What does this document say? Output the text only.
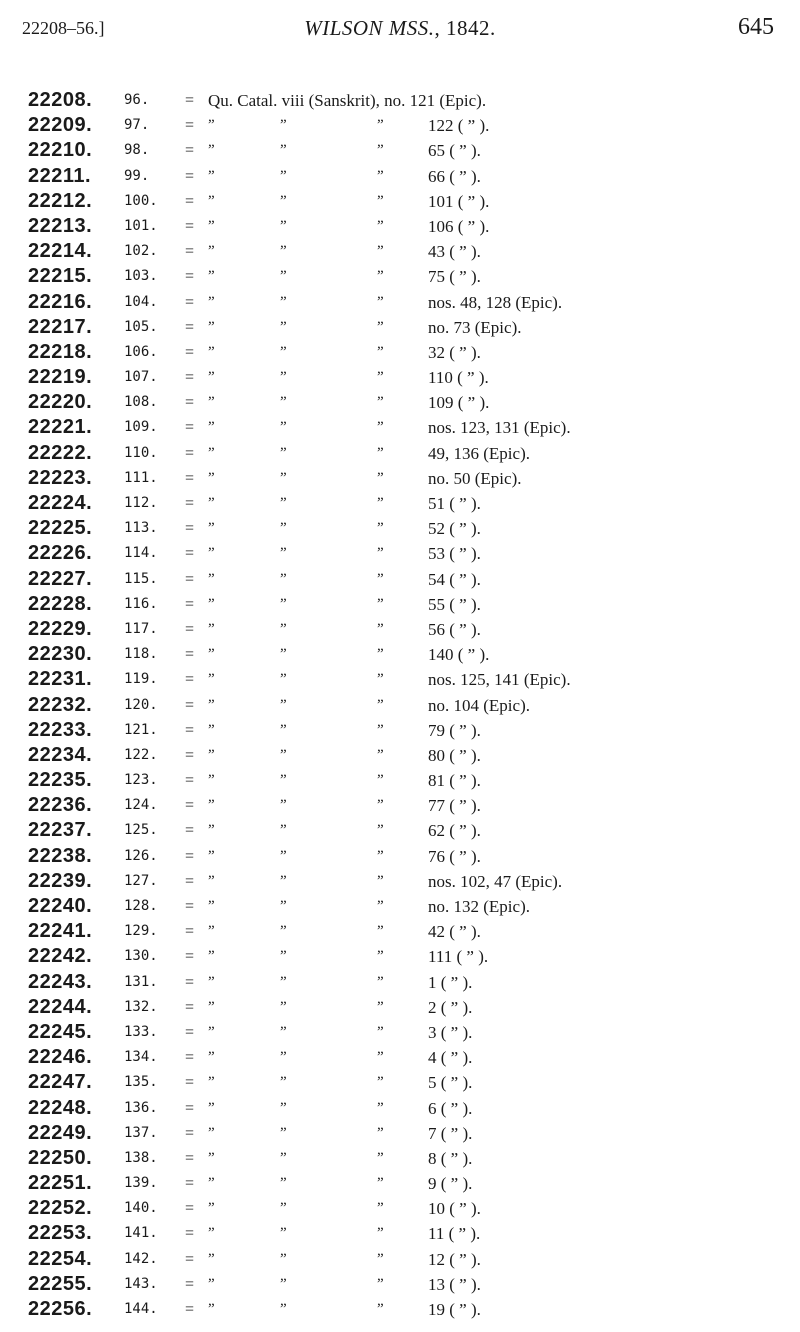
22208–56.]	WILSON MSS., 1842.	645
22208. 96. = Qu. Catal. viii (Sanskrit), no. 121 (Epic).
22209. 97. = ”	”	”	122 ( ” ).
22210. 98. = ”	”	”	65 ( ” ).
22211. 99. = ”	”	”	66 ( ” ).
22212. 100. = ”	”	”	101 ( ” ).
22213. 101. = ”	”	”	106 ( ” ).
22214. 102. = ”	”	”	43 ( ” ).
22215. 103. = ”	”	”	75 ( ” ).
22216. 104. = ”	”	”	nos. 48, 128 (Epic).
22217. 105. = ”	”	”	no. 73 (Epic).
22218. 106. = ”	”	”	32 ( ” ).
22219. 107. = ”	”	”	110 ( ” ).
22220. 108. = ”	”	”	109 ( ” ).
22221. 109. = ”	”	”	nos. 123, 131 (Epic).
22222. 110. = ”	”	”	49, 136 (Epic).
22223. 111. = ”	”	”	no. 50 (Epic).
22224. 112. = ”	”	”	51 ( ” ).
22225. 113. = ”	”	”	52 ( ” ).
22226. 114. = ”	”	”	53 ( ” ).
22227. 115. = ”	”	”	54 ( ” ).
22228. 116. = ”	”	”	55 ( ” ).
22229. 117. = ”	”	”	56 ( ” ).
22230. 118. = ”	”	”	140 ( ” ).
22231. 119. = ”	”	”	nos. 125, 141 (Epic).
22232. 120. = ”	”	”	no. 104 (Epic).
22233. 121. = ”	”	”	79 ( ” ).
22234. 122. = ”	”	”	80 ( ” ).
22235. 123. = ”	”	”	81 ( ” ).
22236. 124. = ”	”	”	77 ( ” ).
22237. 125. = ”	”	”	62 ( ” ).
22238. 126. = ”	”	”	76 ( ” ).
22239. 127. = ”	”	”	nos. 102, 47 (Epic).
22240. 128. = ”	”	”	no. 132 (Epic).
22241. 129. = ”	”	”	42 ( ” ).
22242. 130. = ”	”	”	111 ( ” ).
22243. 131. = ”	”	”	1 ( ” ).
22244. 132. = ”	”	”	2 ( ” ).
22245. 133. = ”	”	”	3 ( ” ).
22246. 134. = ”	”	”	4 ( ” ).
22247. 135. = ”	”	”	5 ( ” ).
22248. 136. = ”	”	”	6 ( ” ).
22249. 137. = ”	”	”	7 ( ” ).
22250. 138. = ”	”	”	8 ( ” ).
22251. 139. = ”	”	”	9 ( ” ).
22252. 140. = ”	”	”	10 ( ” ).
22253. 141. = ”	”	”	11 ( ” ).
22254. 142. = ”	”	”	12 ( ” ).
22255. 143. = ”	”	”	13 ( ” ).
22256. 144. = ”	”	”	19 ( ” ).
